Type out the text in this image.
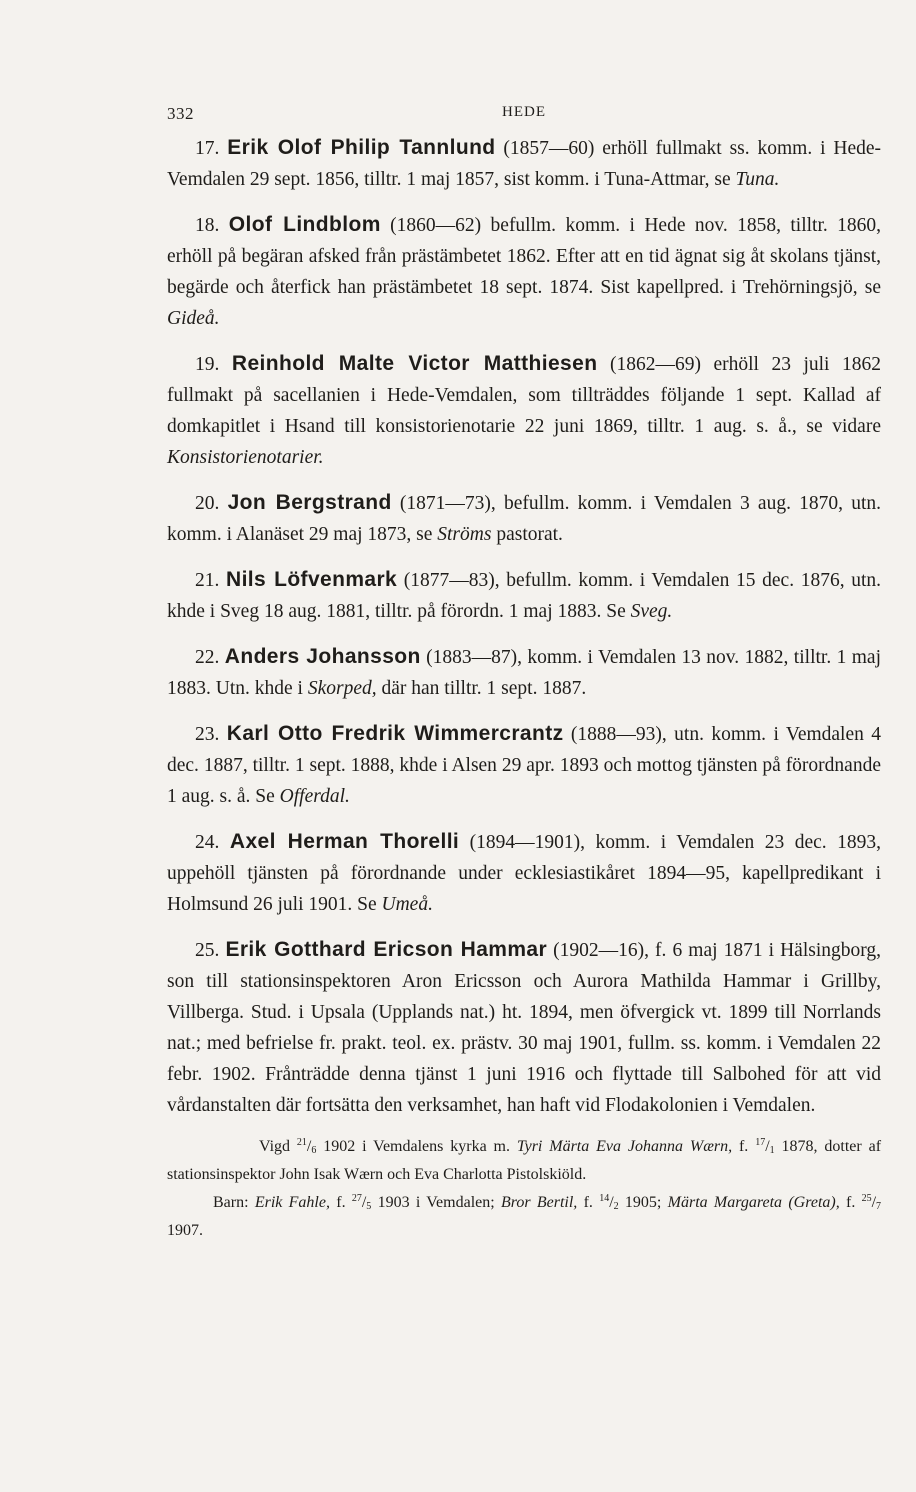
332	HEDE

17. Erik Olof Philip Tannlund (1857—60) erhöll fullmakt ss. komm. i Hede-Vemdalen 29 sept. 1856, tilltr. 1 maj 1857, sist komm. i Tuna-Attmar, se Tuna.

18. Olof Lindblom (1860—62) befullm. komm. i Hede nov. 1858, tilltr. 1860, erhöll på begäran afsked från prästämbetet 1862. Efter att en tid ägnat sig åt skolans tjänst, begärde och återfick han prästämbetet 18 sept. 1874. Sist kapellpred. i Trehörningsjö, se Gideå.

19. Reinhold Malte Victor Matthiesen (1862—69) erhöll 23 juli 1862 fullmakt på sacellanien i Hede-Vemdalen, som tillträddes följande 1 sept. Kallad af domkapitlet i Hsand till konsistorienotarie 22 juni 1869, tilltr. 1 aug. s. å., se vidare Konsistorienotarier.

20. Jon Bergstrand (1871—73), befullm. komm. i Vemdalen 3 aug. 1870, utn. komm. i Alanäset 29 maj 1873, se Ströms pastorat.

21. Nils Löfvenmark (1877—83), befullm. komm. i Vemdalen 15 dec. 1876, utn. khde i Sveg 18 aug. 1881, tilltr. på förordn. 1 maj 1883. Se Sveg.

22. Anders Johansson (1883—87), komm. i Vemdalen 13 nov. 1882, tilltr. 1 maj 1883. Utn. khde i Skorped, där han tilltr. 1 sept. 1887.

23. Karl Otto Fredrik Wimmercrantz (1888—93), utn. komm. i Vemdalen 4 dec. 1887, tilltr. 1 sept. 1888, khde i Alsen 29 apr. 1893 och mottog tjänsten på förordnande 1 aug. s. å. Se Offerdal.

24. Axel Herman Thorelli (1894—1901), komm. i Vemdalen 23 dec. 1893, uppehöll tjänsten på förordnande under ecklesiastikåret 1894—95, kapellpredikant i Holmsund 26 juli 1901. Se Umeå.

25. Erik Gotthard Ericson Hammar (1902—16), f. 6 maj 1871 i Hälsingborg, son till stationsinspektoren Aron Ericsson och Aurora Mathilda Hammar i Grillby, Villberga. Stud. i Upsala (Upplands nat.) ht. 1894, men öfvergick vt. 1899 till Norrlands nat.; med befrielse fr. prakt. teol. ex. prästv. 30 maj 1901, fullm. ss. komm. i Vemdalen 22 febr. 1902. Frånträdde denna tjänst 1 juni 1916 och flyttade till Salbohed för att vid vårdanstalten där fortsätta den verksamhet, han haft vid Flodakolonien i Vemdalen.

Vigd $^{21}/_6$ 1902 i Vemdalens kyrka m. Tyri Märta Eva Johanna Wærn, f. $^{17}/_1$ 1878, dotter af stationsinspektor John Isak Wærn och Eva Charlotta Pistolskiöld.

Barn: Erik Fahle, f. $^{27}/_5$ 1903 i Vemdalen; Bror Bertil, f. $^{14}/_2$ 1905; Märta Margareta (Greta), f. $^{25}/_7$ 1907.
